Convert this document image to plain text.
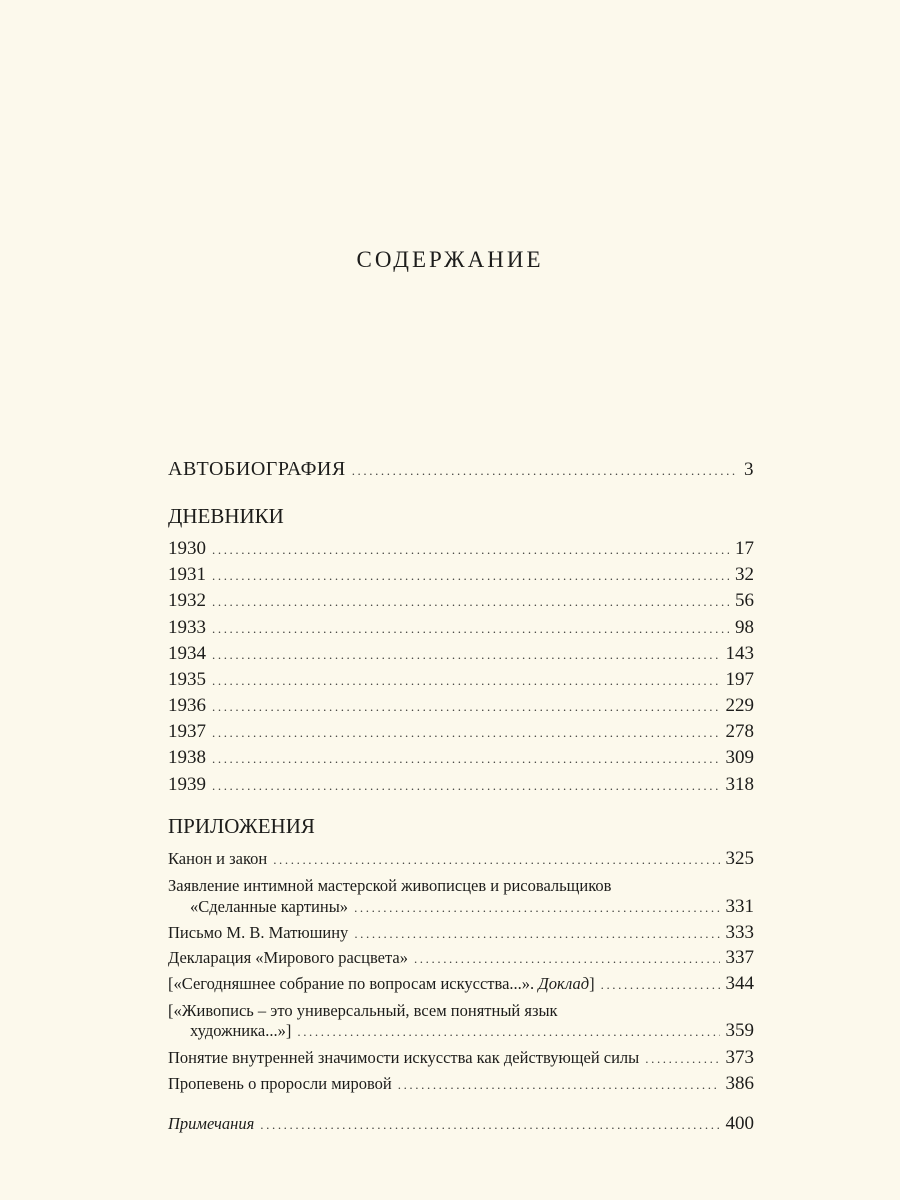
СОДЕРЖАНИЕ
АВТОБИОГРАФИЯ .....	3
ДНЕВНИКИ
1930 .....	17
1931 .....	32
1932 .....	56
1933 .....	98
1934 .....	143
1935 .....	197
1936 .....	229
1937 .....	278
1938 .....	309
1939 .....	318
ПРИЛОЖЕНИЯ
Канон и закон .....	325
Заявление интимной мастерской живописцев и рисовальщиков
«Сделанные картины» .....	331
Письмо М. В. Матюшину .....	333
Декларация «Мирового расцвета» .....	337
[«Сегодняшнее собрание по вопросам искусства...». Доклад] .....	344
[«Живопись – это универсальный, всем понятный язык
художника...»] .....	359
Понятие внутренней значимости искусства как действующей силы .....	373
Пропевень о проросли мировой .....	386
Примечания .....	400
